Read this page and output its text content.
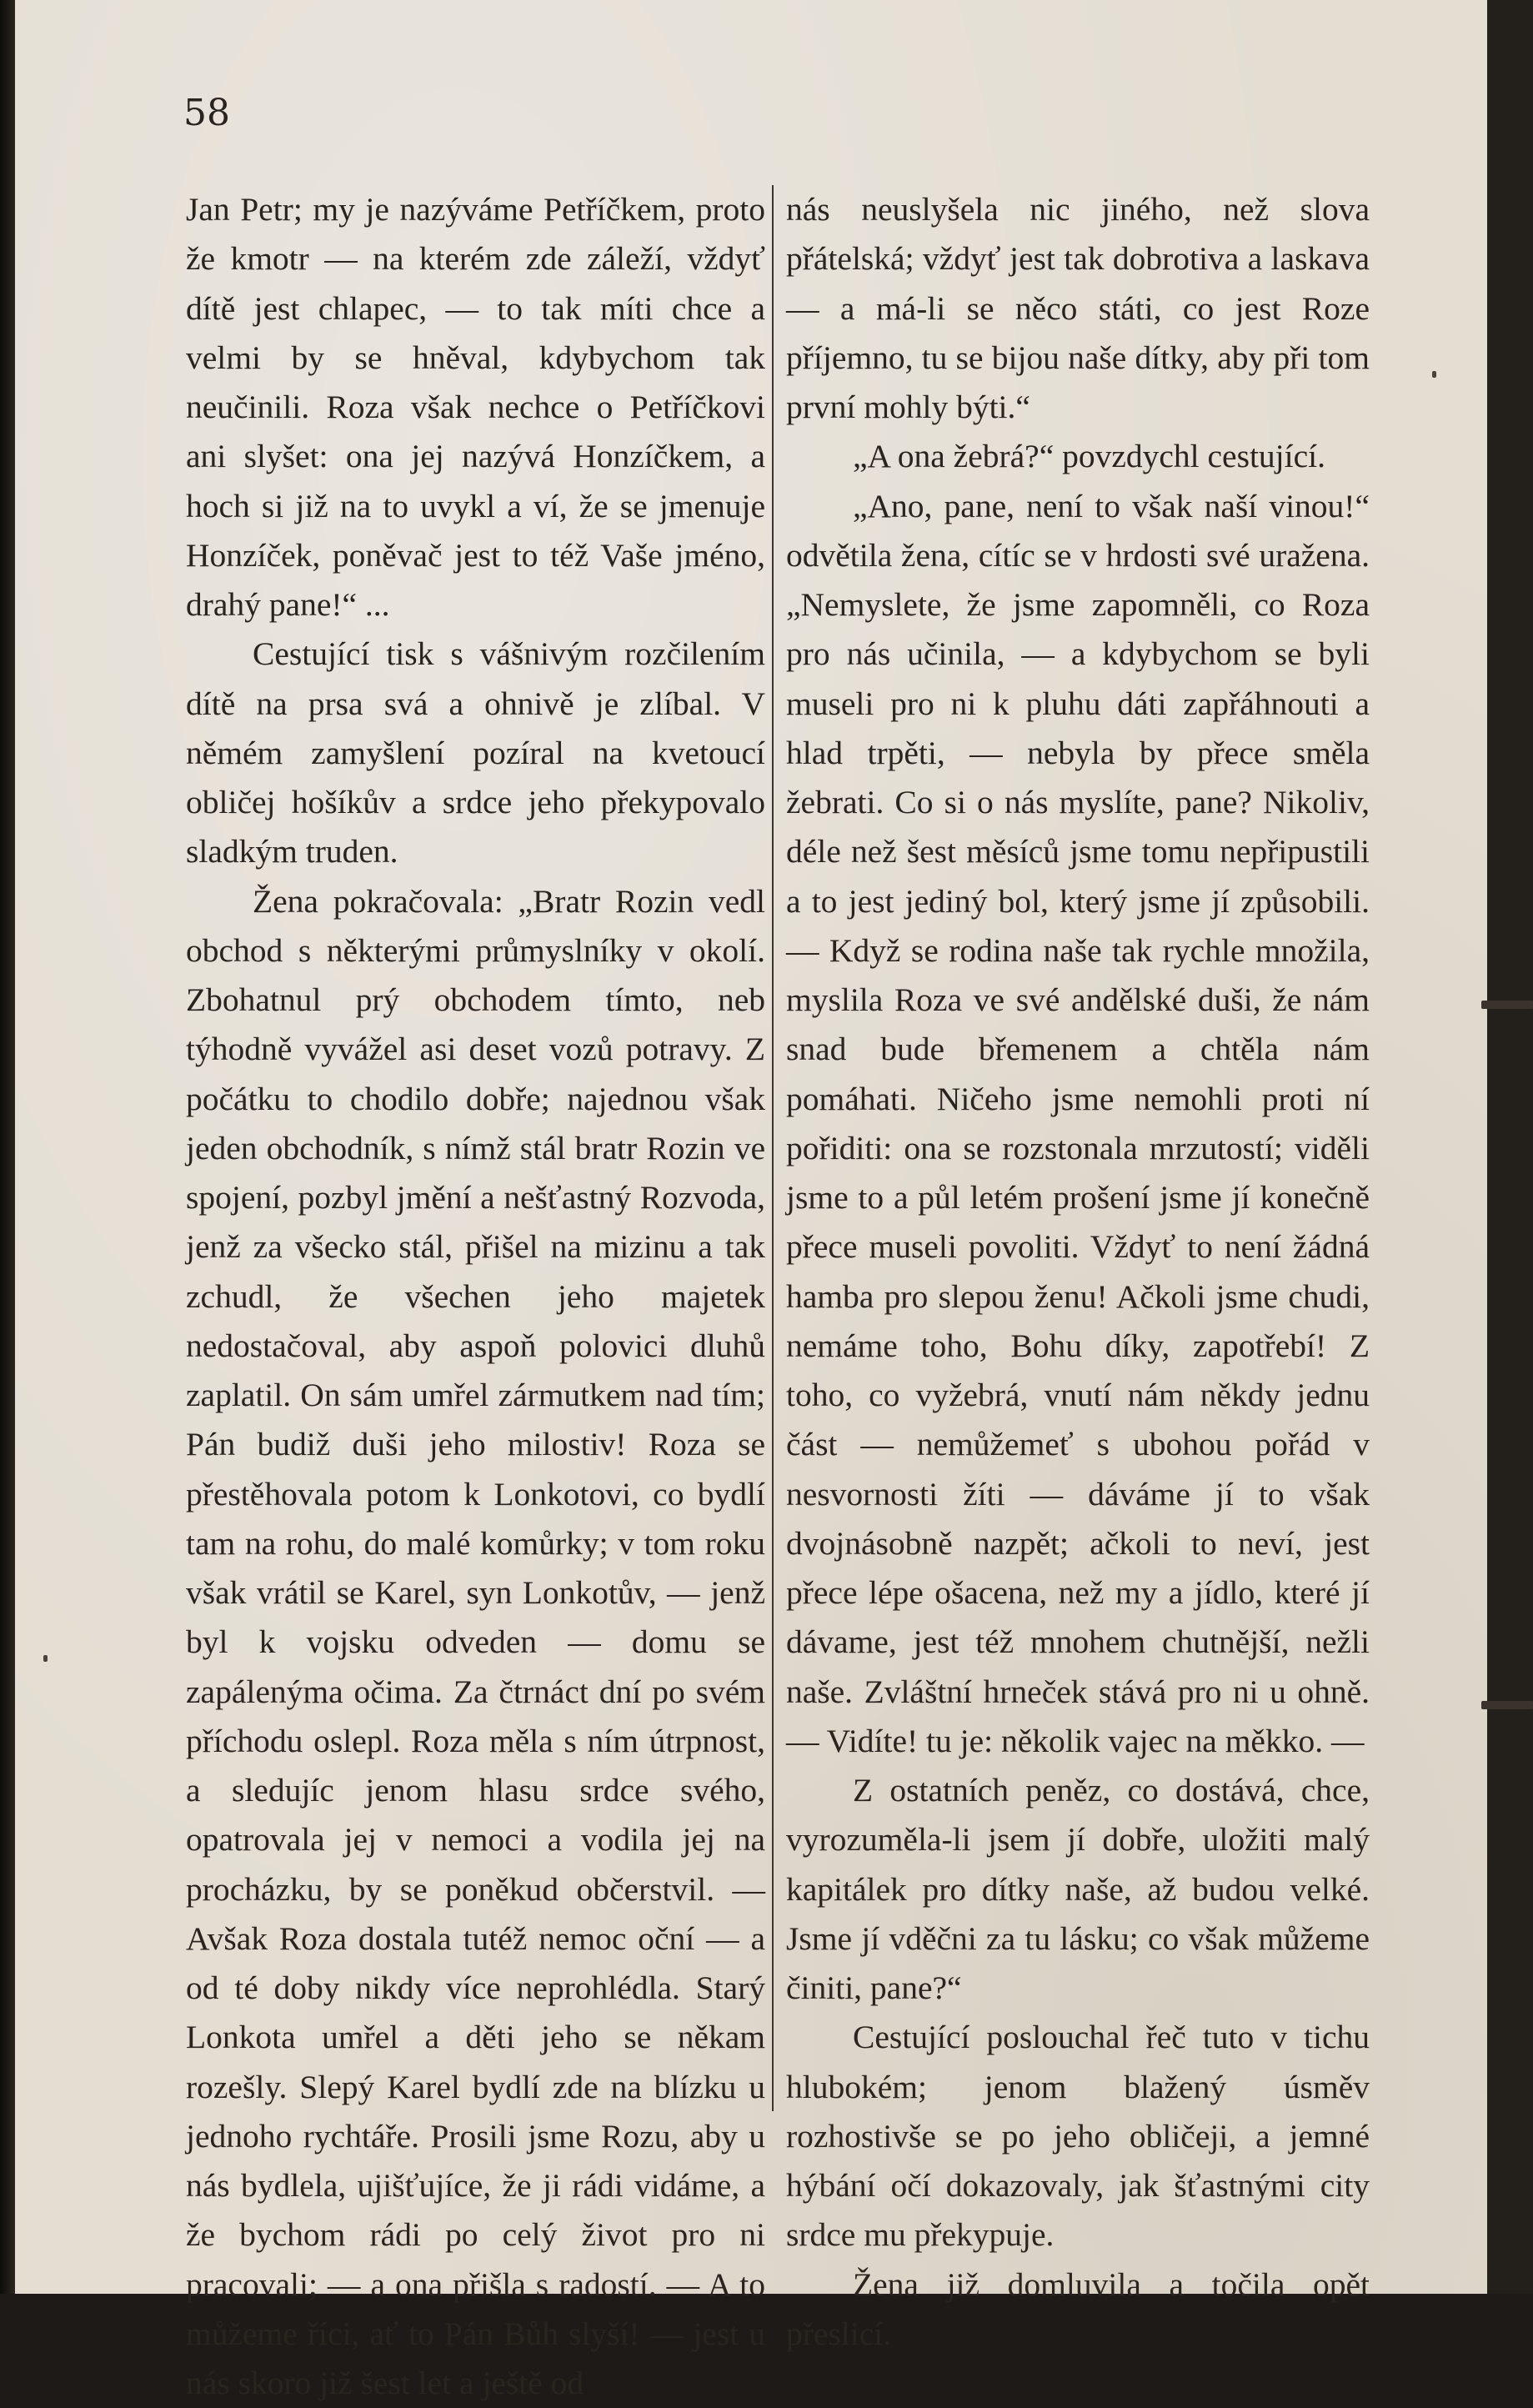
58

Jan Petr; my je nazýváme Petříčkem, proto že kmotr — na kterém zde záleží, vždyť dítě jest chlapec, — to tak míti chce a velmi by se hněval, kdybychom tak neučinili. Roza však nechce o Petříčkovi ani slyšet: ona jej nazývá Honzíčkem, a hoch si již na to uvykl a ví, že se jmenuje Honzíček, poněvač jest to též Vaše jméno, drahý pane!“ ...

Cestující tisk s vášnivým rozčilením dítě na prsa svá a ohnivě je zlíbal. V němém zamyšlení pozíral na kvetoucí obličej hošíkův a srdce jeho překypovalo sladkým truden.

Žena pokračovala: „Bratr Rozin vedl obchod s některými průmyslníky v okolí. Zbohatnul prý obchodem tímto, neb týhodně vyvážel asi deset vozů potravy. Z počátku to chodilo dobře; najednou však jeden obchodník, s nímž stál bratr Rozin ve spojení, pozbyl jmění a nešťastný Rozvoda, jenž za všecko stál, přišel na mizinu a tak zchudl, že všechen jeho majetek nedostačoval, aby aspoň polovici dluhů zaplatil. On sám umřel zármutkem nad tím; Pán budiž duši jeho milostiv! Roza se přestěhovala potom k Lonkotovi, co bydlí tam na rohu, do malé komůrky; v tom roku však vrátil se Karel, syn Lonkotův, — jenž byl k vojsku odveden — domu se zapálenýma očima. Za čtrnáct dní po svém příchodu oslepl. Roza měla s ním útrpnost, a sledujíc jenom hlasu srdce svého, opatrovala jej v nemoci a vodila jej na procházku, by se poněkud občerstvil. — Avšak Roza dostala tutéž nemoc oční — a od té doby nikdy více neprohlédla. Starý Lonkota umřel a děti jeho se někam rozešly. Slepý Karel bydlí zde na blízku u jednoho rychtáře. Prosili jsme Rozu, aby u nás bydlela, ujišťujíce, že ji rádi vidáme, a že bychom rádi po celý život pro ni pracovali; — a ona přišla s radostí. — A to můžeme říci, ať to Pán Bůh slyší! — jest u nás skoro již šest let a ještě od

nás neuslyšela nic jiného, než slova přátelská; vždyť jest tak dobrotiva a laskava — a má-li se něco státi, co jest Roze příjemno, tu se bijou naše dítky, aby při tom první mohly býti.“

„A ona žebrá?“ povzdychl cestující.

„Ano, pane, není to však naší vinou!“ odvětila žena, cítíc se v hrdosti své uražena. „Nemyslete, že jsme zapomněli, co Roza pro nás učinila, — a kdybychom se byli museli pro ni k pluhu dáti zapřáhnouti a hlad trpěti, — nebyla by přece směla žebrati. Co si o nás myslíte, pane? Nikoliv, déle než šest měsíců jsme tomu nepřipustili a to jest jediný bol, který jsme jí způsobili. — Když se rodina naše tak rychle množila, myslila Roza ve své andělské duši, že nám snad bude břemenem a chtěla nám pomáhati. Ničeho jsme nemohli proti ní pořiditi: ona se rozstonala mrzutostí; viděli jsme to a půl letém prošení jsme jí konečně přece museli povoliti. Vždyť to není žádná hamba pro slepou ženu! Ačkoli jsme chudi, nemáme toho, Bohu díky, zapotřebí! Z toho, co vyžebrá, vnutí nám někdy jednu část — nemůžemeť s ubohou pořád v nesvornosti žíti — dáváme jí to však dvojnásobně nazpět; ačkoli to neví, jest přece lépe ošacena, než my a jídlo, které jí dávame, jest též mnohem chutnější, nežli naše. Zvláštní hrneček stává pro ni u ohně. — Vidíte! tu je: několik vajec na měkko. —

Z ostatních peněz, co dostává, chce, vyrozuměla-li jsem jí dobře, uložiti malý kapitálek pro dítky naše, až budou velké. Jsme jí vděčni za tu lásku; co však můžeme činiti, pane?“

Cestující poslouchal řeč tuto v tichu hlubokém; jenom blažený úsměv rozhostivše se po jeho obličeji, a jemné hýbání očí dokazovaly, jak šťastnými city srdce mu překypuje.

Žena již domluvila a točila opět přeslicí.
